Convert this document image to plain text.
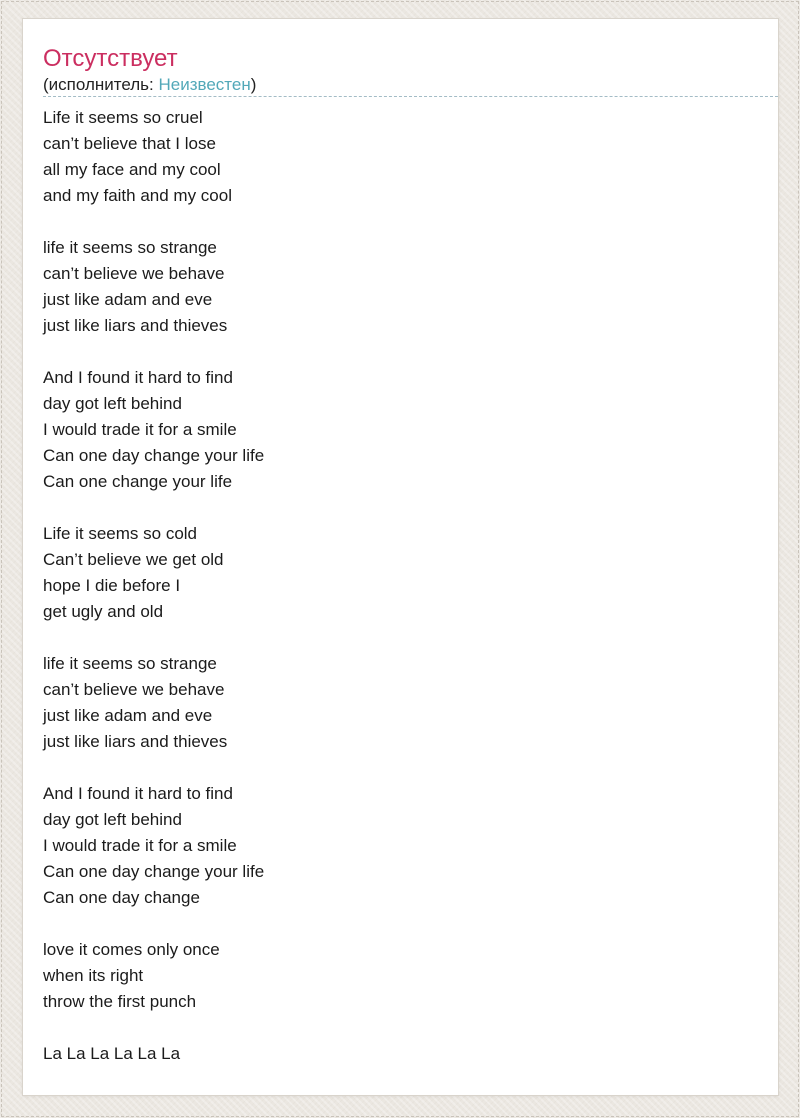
Отсутствует
(исполнитель: Неизвестен)

Life it seems so cruel
can’t believe that I lose
all my face and my cool
and my faith and my cool

life it seems so strange
can’t believe we behave
just like adam and eve
just like liars and thieves

And I found it hard to find
day got left behind
I would trade it for a smile
Can one day change your life
Can one change your life

Life it seems so cold
Can’t believe we get old
hope I die before I
get ugly and old

life it seems so strange
can’t believe we behave
just like adam and eve
just like liars and thieves

And I found it hard to find
day got left behind
I would trade it for a smile
Can one day change your life
Can one day change

love it comes only once
when its right
throw the first punch

La La La La La La
